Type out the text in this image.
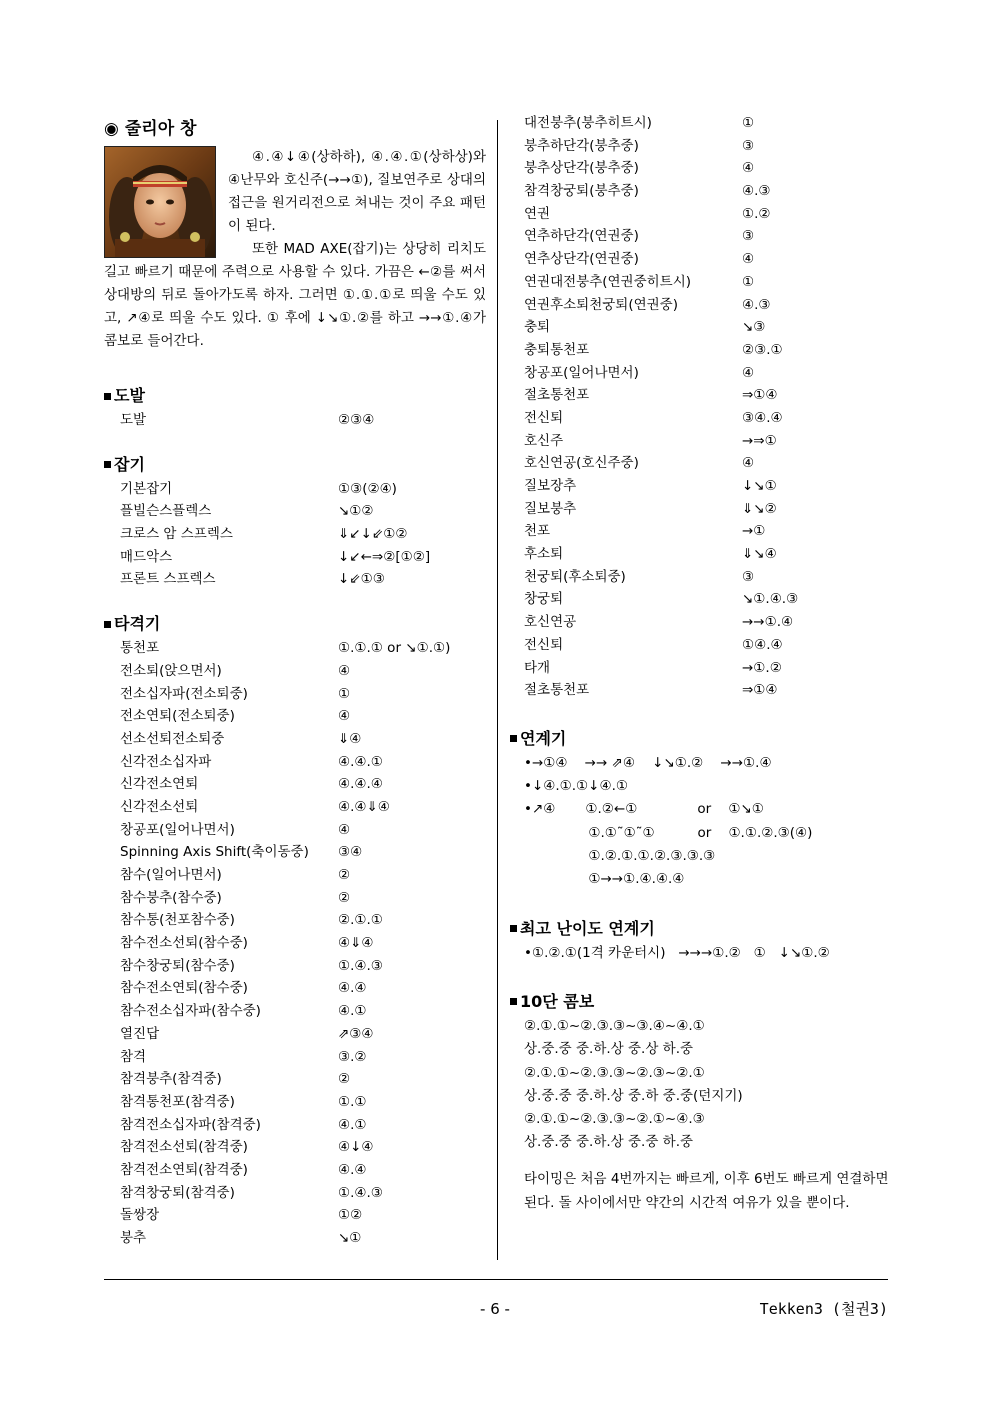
◉ 줄리아 창

④.④↓④(상하하), ④.④.①(상하상)와 ④난무와 호신주(→→①), 질보연주로 상대의 접근을 원거리전으로 쳐내는 것이 주요 패턴이 된다.

또한 MAD AXE(잡기)는 상당히 리치도 길고 빠르기 때문에 주력으로 사용할 수 있다. 가끔은 ←②를 써서 상대방의 뒤로 돌아가도록 하자. 그러면 ①.①.①로 띄울 수도 있고, ↗④로 띄울 수도 있다. ① 후에 ↓↘①.②를 하고 →→①.④가 콤보로 들어간다.

도발
도발	②③④
잡기
기본잡기	①③(②④)
플빌슨스플렉스	↘①②
크로스 암 스프렉스	⇓↙↓⇙①②
매드악스	↓↙←⇒②[①②]
프론트 스프렉스	↓⇙①③
타격기
통천포	①.①.① or ↘①.①)
전소퇴(앉으면서)	④
전소십자파(전소퇴중)	①
전소연퇴(전소퇴중)	④
선소선퇴전소퇴중	⇓④
신각전소십자파	④.④.①
신각전소연퇴	④.④.④
신각전소선퇴	④.④⇓④
창공포(일어나면서)	④
Spinning Axis Shift(축이동중)	③④
참수(일어나면서)	②
참수붕추(참수중)	②
참수통(천포참수중)	②.①.①
참수전소선퇴(참수중)	④⇓④
참수창궁퇴(참수중)	①.④.③
참수전소연퇴(참수중)	④.④
참수전소십자파(참수중)	④.①
열진답	⇗③④
참격	③.②
참격붕추(참격중)	②
참격통천포(참격중)	①.①
참격전소십자파(참격중)	④.①
참격전소선퇴(참격중)	④↓④
참격전소연퇴(참격중)	④.④
참격창궁퇴(참격중)	①.④.③
돌쌍장	①②
붕추	↘①
대전붕추(붕추히트시)	①
붕추하단각(붕추중)	③
붕추상단각(붕추중)	④
참격창궁퇴(붕추중)	④.③
연권	①.②
연추하단각(연권중)	③
연추상단각(연권중)	④
연권대전붕추(연권중히트시)	①
연권후소퇴천궁퇴(연권중)	④.③
충퇴	↘③
충퇴통천포	②③.①
창공포(일어나면서)	④
절초통천포	⇒①④
전신퇴	③④.④
호신주	→⇒①
호신연공(호신주중)	④
질보장추	↓↘①
질보붕추	⇓↘②
천포	→①
후소퇴	⇓↘④
천궁퇴(후소퇴중)	③
창궁퇴	↘①.④.③
호신연공	→→①.④
전신퇴	①④.④
타개	→①.②
절초통천포	⇒①④
연계기
•→①④    →→ ⇗④    ↓↘①.②    →→①.④
•↓④.①.①↓④.①
•↗④       ①.②←①              or    ①↘①
①.①˜①˜①          or    ①.①.②.③(④)
①.②.①.①.②.③.③.③
①→→①.④.④.④
최고 난이도 연계기
•①.②.①(1격 카운터시)   →→→①.②   ①   ↓↘①.②
10단 콤보
②.①.①~②.③.③~③.④~④.①
상.중.중 중.하.상 중.상 하.중
②.①.①~②.③.③~②.③~②.①
상.중.중 중.하.상 중.하 중.중(던지기)
②.①.①~②.③.③~②.①~④.③
상.중.중 중.하.상 중.중 하.중
타이밍은 처음 4번까지는 빠르게, 이후 6번도 빠르게 연결하면 된다. 돌 사이에서만 약간의 시간적 여유가 있을 뿐이다.
- 6 -	Tekken3 (철권3)
